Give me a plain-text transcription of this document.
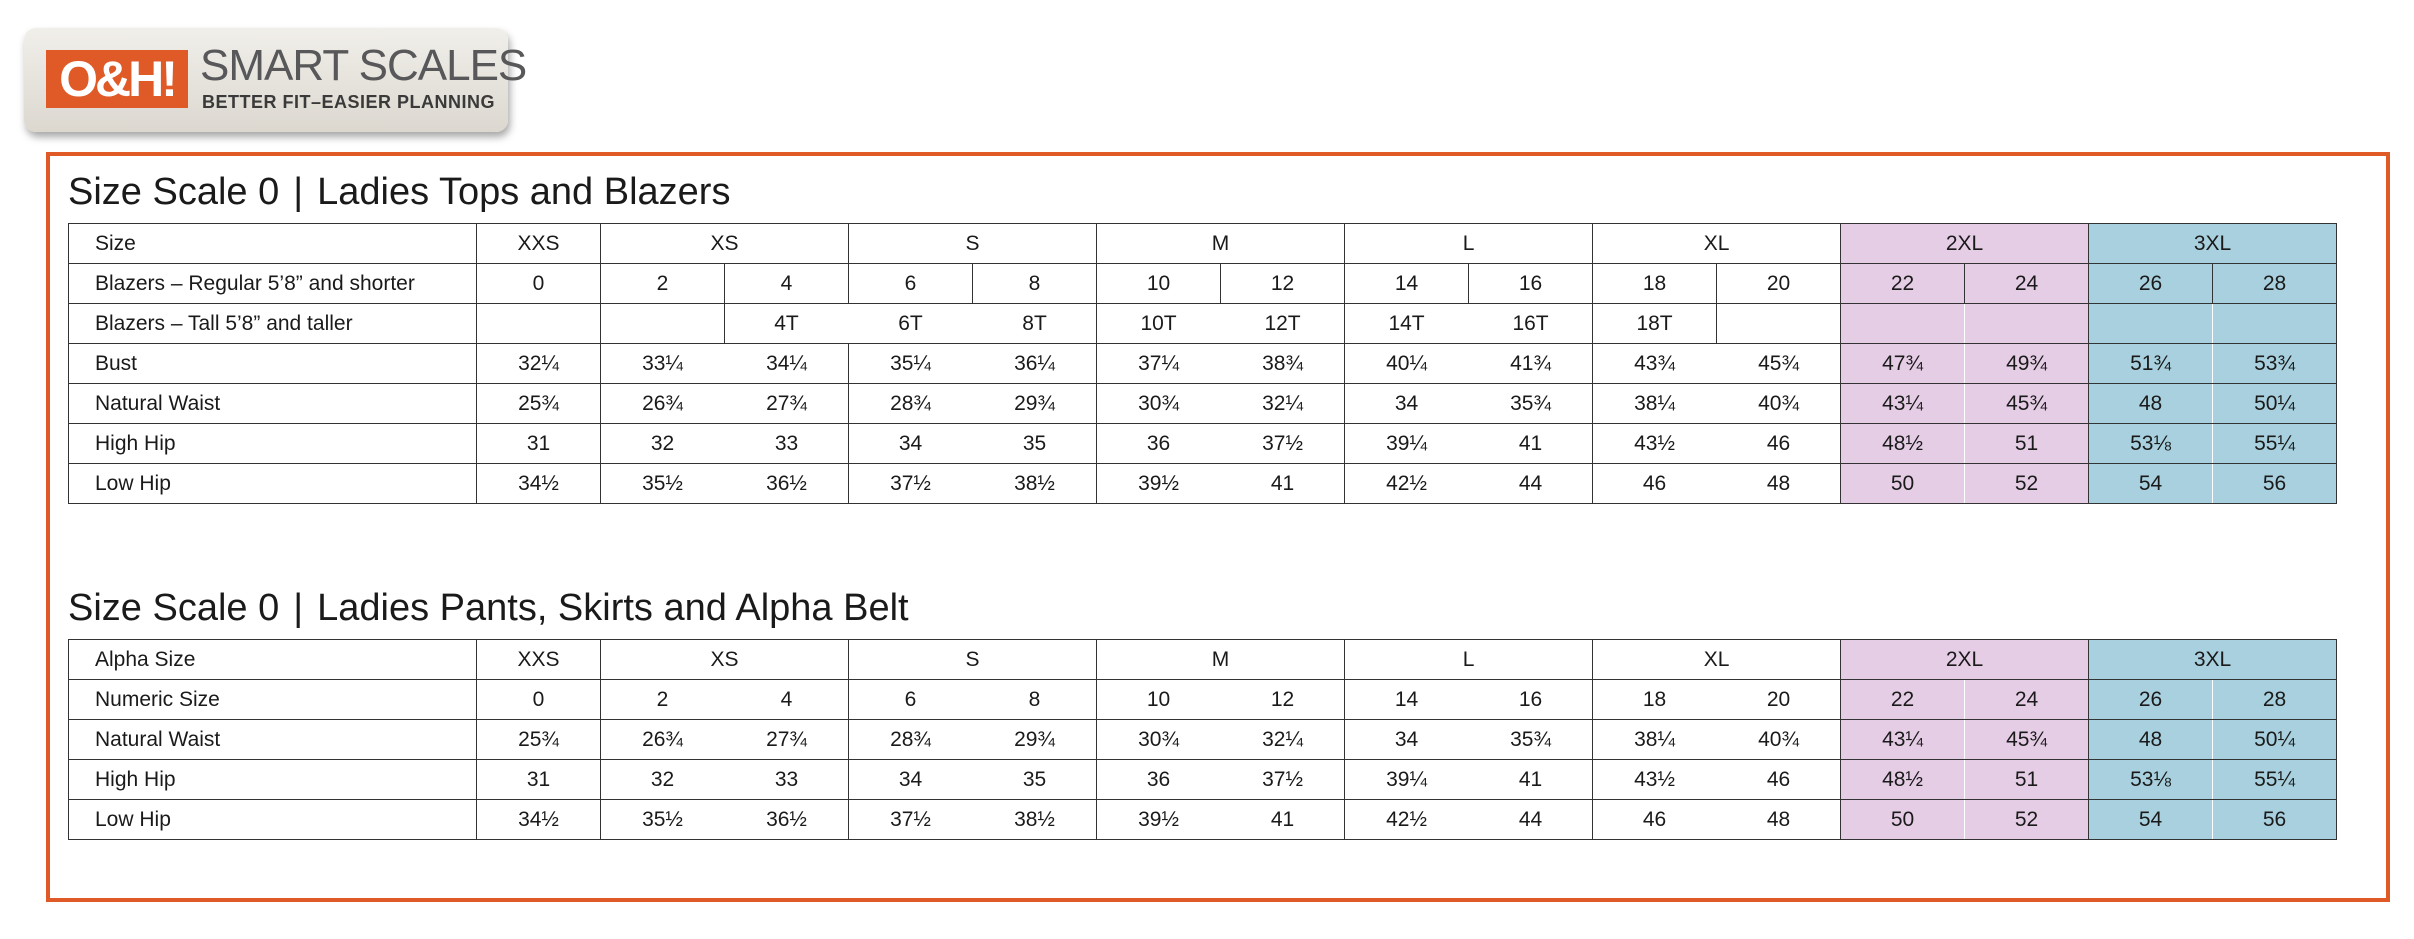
O&H! SMART SCALES
BETTER FIT–EASIER PLANNING
Size Scale 0 | Ladies Tops and Blazers
Size	XXS	XS		S		M		L		XL		2XL		3XL	
Blazers – Regular 5’8” and shorter	0	2	4	6	8	10	12	14	16	18	20	22	24	26	28
Blazers – Tall 5’8” and taller			4T	6T	8T	10T	12T	14T	16T	18T					
Bust	32¼	33¼	34¼	35¼	36¼	37¼	38¾	40¼	41¾	43¾	45¾	47¾	49¾	51¾	53¾
Natural Waist	25¾	26¾	27¾	28¾	29¾	30¾	32¼	34	35¾	38¼	40¾	43¼	45¾	48	50¼
High Hip	31	32	33	34	35	36	37½	39¼	41	43½	46	48½	51	53⅛	55¼
Low Hip	34½	35½	36½	37½	38½	39½	41	42½	44	46	48	50	52	54	56
Size Scale 0 | Ladies Pants, Skirts and Alpha Belt
Alpha Size	XXS	XS		S		M		L		XL		2XL		3XL	
Numeric Size	0	2	4	6	8	10	12	14	16	18	20	22	24	26	28
Natural Waist	25¾	26¾	27¾	28¾	29¾	30¾	32¼	34	35¾	38¼	40¾	43¼	45¾	48	50¼
High Hip	31	32	33	34	35	36	37½	39¼	41	43½	46	48½	51	53⅛	55¼
Low Hip	34½	35½	36½	37½	38½	39½	41	42½	44	46	48	50	52	54	56
